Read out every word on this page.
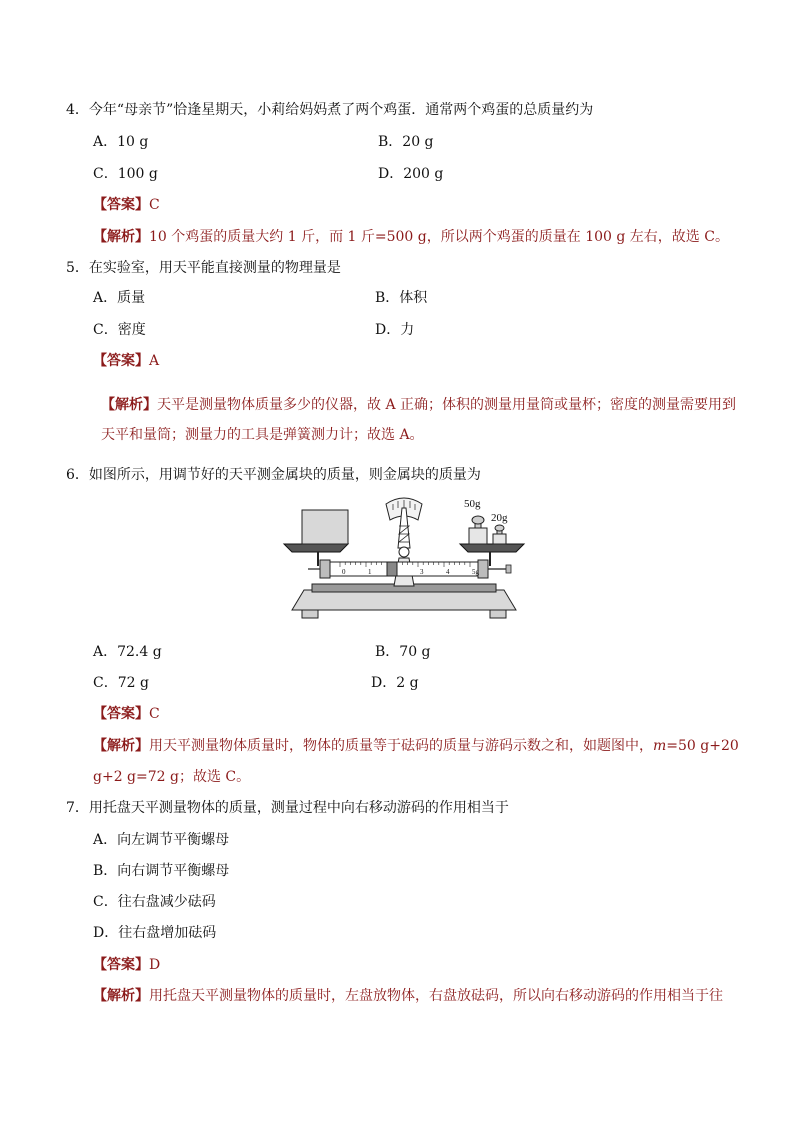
4．今年“母亲节”恰逢星期天，小莉给妈妈煮了两个鸡蛋．通常两个鸡蛋的总质量约为
A．10 g	B．20 g
C．100 g	D．200 g
【答案】C
【解析】10 个鸡蛋的质量大约 1 斤，而 1 斤=500 g，所以两个鸡蛋的质量在 100 g 左右，故选 C。
5．在实验室，用天平能直接测量的物理量是
A．质量	B．体积
C．密度	D．力
【答案】A
【解析】天平是测量物体质量多少的仪器，故 A 正确；体积的测量用量筒或量杯；密度的测量需要用到
天平和量筒；测量力的工具是弹簧测力计；故选 A。
6．如图所示，用调节好的天平测金属块的质量，则金属块的质量为
50g
20g
0	1	3	4	5g
A．72.4 g	B．70 g
C．72 g	D．2 g
【答案】C
【解析】用天平测量物体质量时，物体的质量等于砝码的质量与游码示数之和，如题图中，m=50 g+20
g+2 g=72 g；故选 C。
7．用托盘天平测量物体的质量，测量过程中向右移动游码的作用相当于
A．向左调节平衡螺母
B．向右调节平衡螺母
C．往右盘减少砝码
D．往右盘增加砝码
【答案】D
【解析】用托盘天平测量物体的质量时，左盘放物体，右盘放砝码，所以向右移动游码的作用相当于往
